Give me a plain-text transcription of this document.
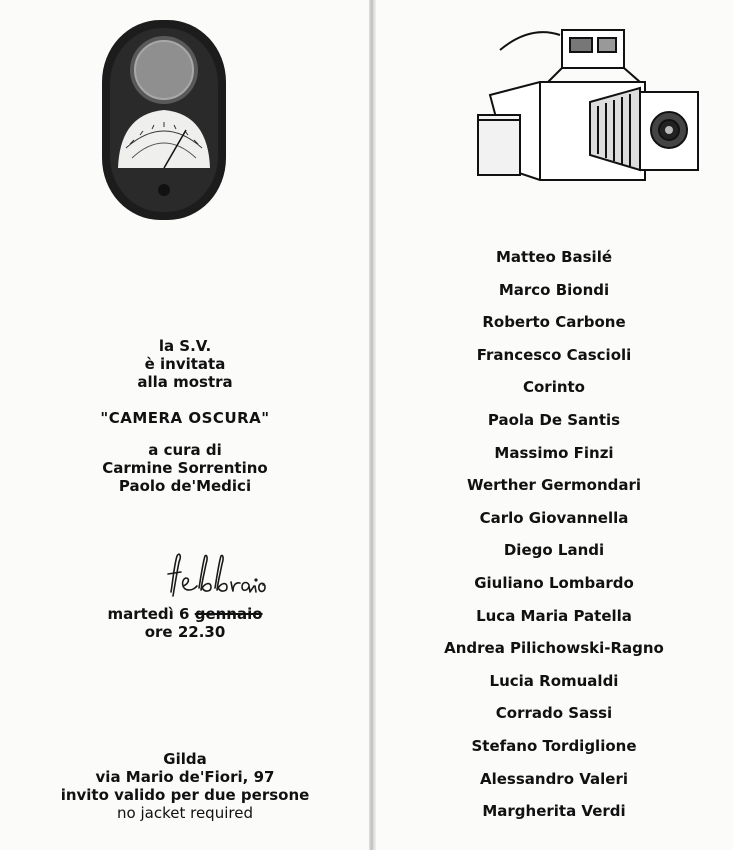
la S.V.
è invitata
alla mostra
"CAMERA OSCURA"
a cura di
Carmine Sorrentino
Paolo de'Medici
martedì 6 gennaio
ore 22.30
Gilda
via Mario de'Fiori, 97
invito valido per due persone
no jacket required
Matteo Basilé
Marco Biondi
Roberto Carbone
Francesco Cascioli
Corinto
Paola De Santis
Massimo Finzi
Werther Germondari
Carlo Giovannella
Diego Landi
Giuliano Lombardo
Luca Maria Patella
Andrea Pilichowski-Ragno
Lucia Romualdi
Corrado Sassi
Stefano Tordiglione
Alessandro Valeri
Margherita Verdi
